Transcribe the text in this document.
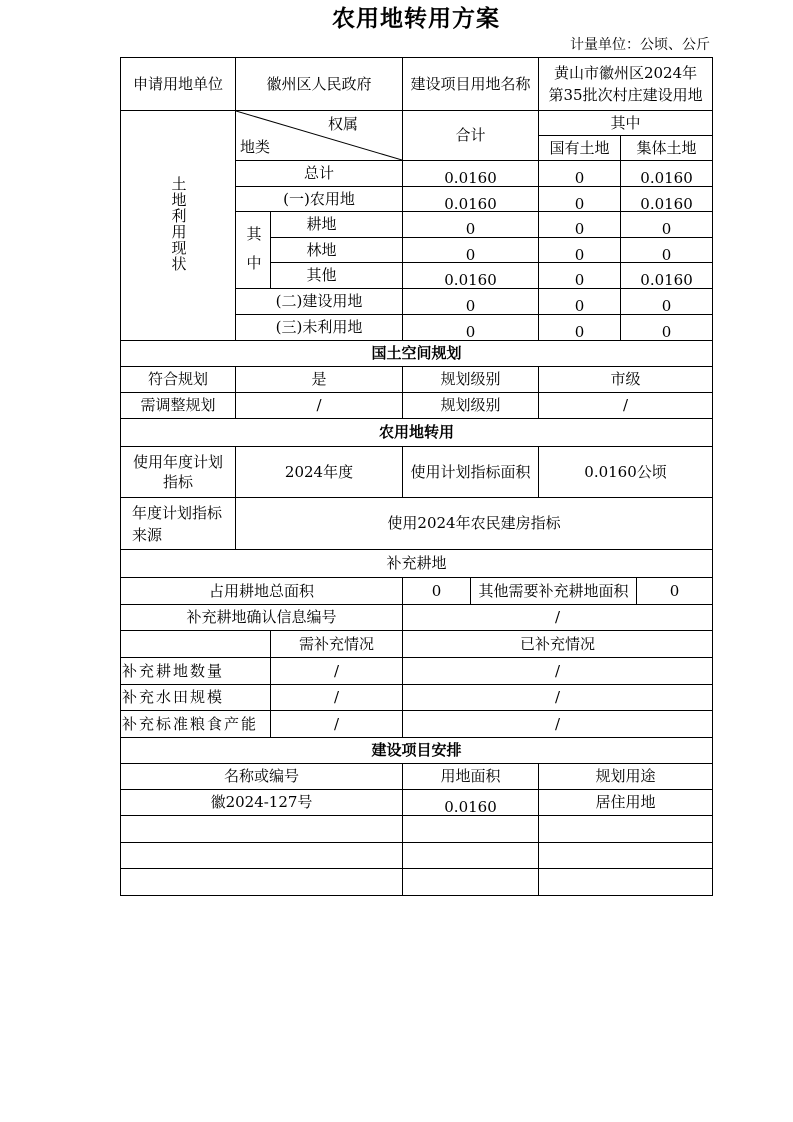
农用地转用方案
计量单位：公顷、公斤
申请用地单位	徽州区人民政府		建设项目用地名称		黄山市徽州区2024年
第35批次村庄建设用地		

土地利用现状	权属
地类		合计		其中		
					国有土地	集体土地	
	总计		0.0160		0	0.0160	
	(一)农用地		0.0160		0	0.0160	
	其中	耕地	0		0	0	
		林地	0		0	0	
		其他	0.0160		0	0.0160	
	(二)建设用地		0		0	0	
	(三)未利用地		0		0	0	
国土空间规划							
符合规划	是		规划级别		市级		
需调整规划	/		规划级别		/		
农用地转用							

使用年度计划
指标	2024年度		使用计划指标面积		0.0160公顷		

年度计划指标
来源	使用2024年农民建房指标						
补充耕地							
占用耕地总面积			0	其他需要补充耕地面积			0
补充耕地确认信息编号			/				
		需补充情况	已补充情况				
补充耕地数量		/	/				
补充水田规模		/	/				
补充标准粮食产能		/	/				
建设项目安排							
名称或编号			用地面积		规划用途		
徽2024-127号			0.0160		居住用地		
